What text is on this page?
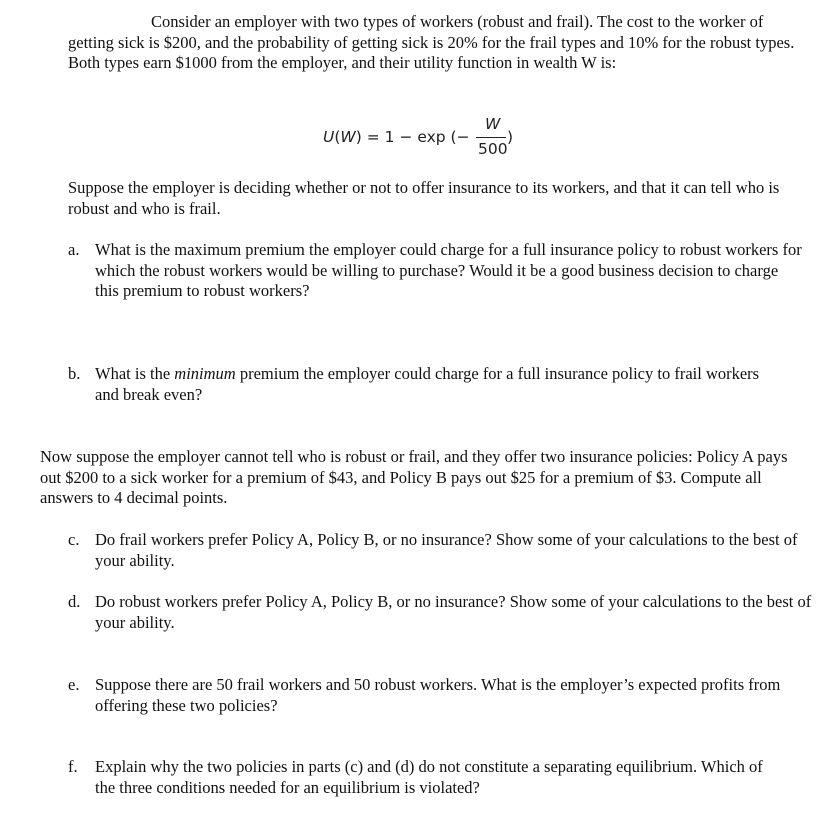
Consider an employer with two types of workers (robust and frail). The cost to the worker of getting sick is $200, and the probability of getting sick is 20% for the frail types and 10% for the robust types. Both types earn $1000 from the employer, and their utility function in wealth W is:

U(W) = 1 − exp (−
W
500
)

Suppose the employer is deciding whether or not to offer insurance to its workers, and that it can tell who is robust and who is frail.

a. What is the maximum premium the employer could charge for a full insurance policy to robust workers for which the robust workers would be willing to purchase? Would it be a good business decision to charge this premium to robust workers?
b. What is the minimum premium the employer could charge for a full insurance policy to frail workers and break even?

Now suppose the employer cannot tell who is robust or frail, and they offer two insurance policies: Policy A pays out $200 to a sick worker for a premium of $43, and Policy B pays out $25 for a premium of $3. Compute all answers to 4 decimal points.

c. Do frail workers prefer Policy A, Policy B, or no insurance? Show some of your calculations to the best of your ability.
d. Do robust workers prefer Policy A, Policy B, or no insurance? Show some of your calculations to the best of your ability.
e. Suppose there are 50 frail workers and 50 robust workers. What is the employer’s expected profits from offering these two policies?
f. Explain why the two policies in parts (c) and (d) do not constitute a separating equilibrium. Which of the three conditions needed for an equilibrium is violated?
